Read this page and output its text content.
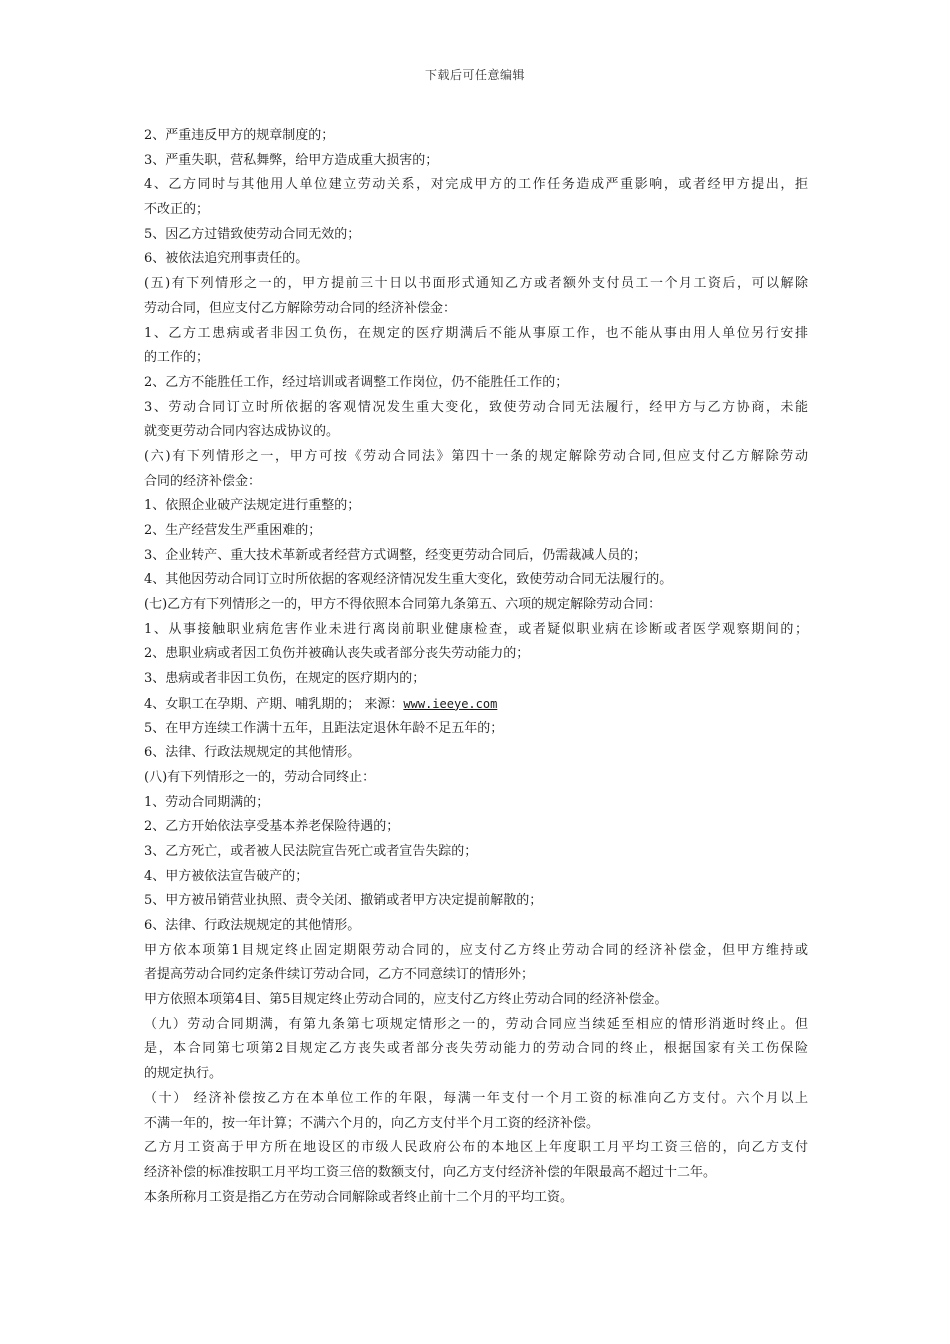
下载后可任意编辑
2、严重违反甲方的规章制度的；
3、严重失职，营私舞弊，给甲方造成重大损害的；
4、乙方同时与其他用人单位建立劳动关系，对完成甲方的工作任务造成严重影响，或者经甲方提出，拒
不改正的；
5、因乙方过错致使劳动合同无效的；
6、被依法追究刑事责任的。
(五)有下列情形之一的，甲方提前三十日以书面形式通知乙方或者额外支付员工一个月工资后，可以解除
劳动合同，但应支付乙方解除劳动合同的经济补偿金：
1、乙方工患病或者非因工负伤，在规定的医疗期满后不能从事原工作，也不能从事由用人单位另行安排
的工作的；
2、乙方不能胜任工作，经过培训或者调整工作岗位，仍不能胜任工作的；
3、劳动合同订立时所依据的客观情况发生重大变化，致使劳动合同无法履行，经甲方与乙方协商，未能
就变更劳动合同内容达成协议的。
(六)有下列情形之一，甲方可按《劳动合同法》第四十一条的规定解除劳动合同,但应支付乙方解除劳动
合同的经济补偿金：
1、依照企业破产法规定进行重整的；
2、生产经营发生严重困难的；
3、企业转产、重大技术革新或者经营方式调整，经变更劳动合同后，仍需裁减人员的；
4、其他因劳动合同订立时所依据的客观经济情况发生重大变化，致使劳动合同无法履行的。
(七)乙方有下列情形之一的，甲方不得依照本合同第九条第五、六项的规定解除劳动合同：
1、从事接触职业病危害作业未进行离岗前职业健康检查，或者疑似职业病在诊断或者医学观察期间的；
2、患职业病或者因工负伤并被确认丧失或者部分丧失劳动能力的；
3、患病或者非因工负伤，在规定的医疗期内的；
4、女职工在孕期、产期、哺乳期的； 来源：www.ieeye.com
5、在甲方连续工作满十五年，且距法定退休年龄不足五年的；
6、法律、行政法规规定的其他情形。
(八)有下列情形之一的，劳动合同终止：
1、劳动合同期满的；
2、乙方开始依法享受基本养老保险待遇的；
3、乙方死亡，或者被人民法院宣告死亡或者宣告失踪的；
4、甲方被依法宣告破产的；
5、甲方被吊销营业执照、责令关闭、撤销或者甲方决定提前解散的；
6、法律、行政法规规定的其他情形。
甲方依本项第1目规定终止固定期限劳动合同的，应支付乙方终止劳动合同的经济补偿金，但甲方维持或
者提高劳动合同约定条件续订劳动合同，乙方不同意续订的情形外；
甲方依照本项第4目、第5目规定终止劳动合同的，应支付乙方终止劳动合同的经济补偿金。
（九）劳动合同期满，有第九条第七项规定情形之一的，劳动合同应当续延至相应的情形消逝时终止。但
是，本合同第七项第2目规定乙方丧失或者部分丧失劳动能力的劳动合同的终止，根据国家有关工伤保险
的规定执行。
（十） 经济补偿按乙方在本单位工作的年限，每满一年支付一个月工资的标准向乙方支付。六个月以上
不满一年的，按一年计算；不满六个月的，向乙方支付半个月工资的经济补偿。
乙方月工资高于甲方所在地设区的市级人民政府公布的本地区上年度职工月平均工资三倍的，向乙方支付
经济补偿的标准按职工月平均工资三倍的数额支付，向乙方支付经济补偿的年限最高不超过十二年。
本条所称月工资是指乙方在劳动合同解除或者终止前十二个月的平均工资。
